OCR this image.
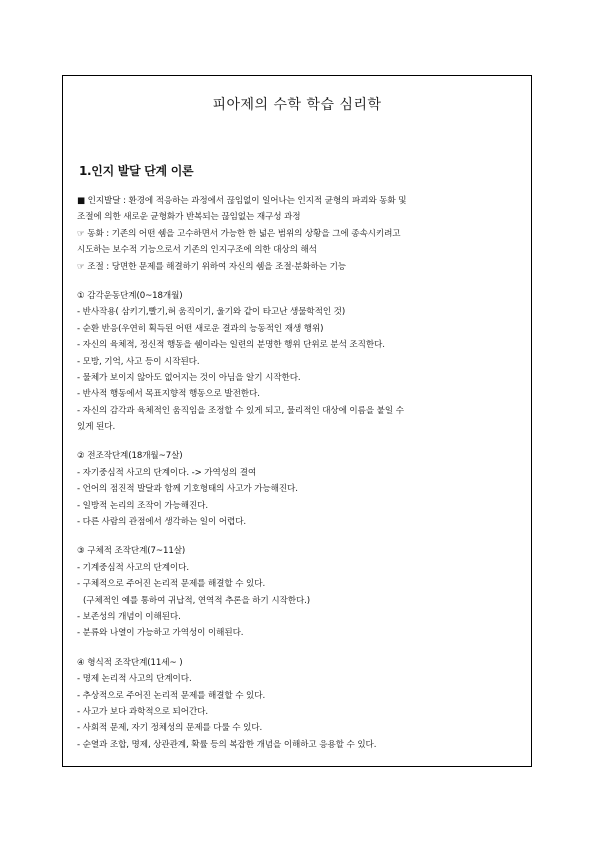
피아제의 수학 학습 심리학
1.인지 발달 단계 이론
■ 인지발달 : 환경에 적응하는 과정에서 끊임없이 일어나는 인지적 균형의 파괴와 동화 및
조절에 의한 새로운 균형화가 반복되는 끊임없는 재구성 과정
☞ 동화 : 기존의 어떤 쉠을 고수하면서 가능한 한 넓은 범위의 상황을 그에 종속시키려고
시도하는 보수적 기능으로서 기존의 인지구조에 의한 대상의 해석
☞ 조절 : 당면한 문제를 해결하기 위하여 자신의 쉠을 조절·분화하는 기능
① 감각운동단계(0~18개월)
- 반사작용( 삼키기,빨기,혀 움직이기, 울기와 같이 타고난 생물학적인 것)
- 순환 반응(우연히 획득된 어떤 새로운 결과의 능동적인 재생 행위)
- 자신의 육체적, 정신적 행동을 쉠이라는 일련의 분명한 행위 단위로 분석 조직한다.
- 모방, 기억, 사고 등이 시작된다.
- 물체가 보이지 않아도 없어지는 것이 아님을 알기 시작한다.
- 반사적 행동에서 목표지향적 행동으로 발전한다.
- 자신의 감각과 육체적인 움직임을 조정할 수 있게 되고, 물리적인 대상에 이름을 붙일 수
있게 된다.
② 전조작단계(18개월~7살)
- 자기중심적 사고의 단계이다. -> 가역성의 결여
- 언어의 점진적 발달과 함께 기호형태의 사고가 가능해진다.
- 일방적 논리의 조작이 가능해진다.
- 다른 사람의 관점에서 생각하는 일이 어렵다.
③ 구체적 조작단계(7~11살)
- 기계중심적 사고의 단계이다.
- 구체적으로 주어진 논리적 문제를 해결할 수 있다.
(구체적인 예를 통하여 귀납적, 연역적 추론을 하기 시작한다.)
- 보존성의 개념이 이해된다.
- 분류와 나열이 가능하고 가역성이 이해된다.
④ 형식적 조작단계(11세~ )
- 명제 논리적 사고의 단계이다.
- 추상적으로 주어진 논리적 문제를 해결할 수 있다.
- 사고가 보다 과학적으로 되어간다.
- 사회적 문제, 자기 정체성의 문제를 다룰 수 있다.
- 순열과 조합, 명제, 상관관계, 확률 등의 복잡한 개념을 이해하고 응용할 수 있다.
